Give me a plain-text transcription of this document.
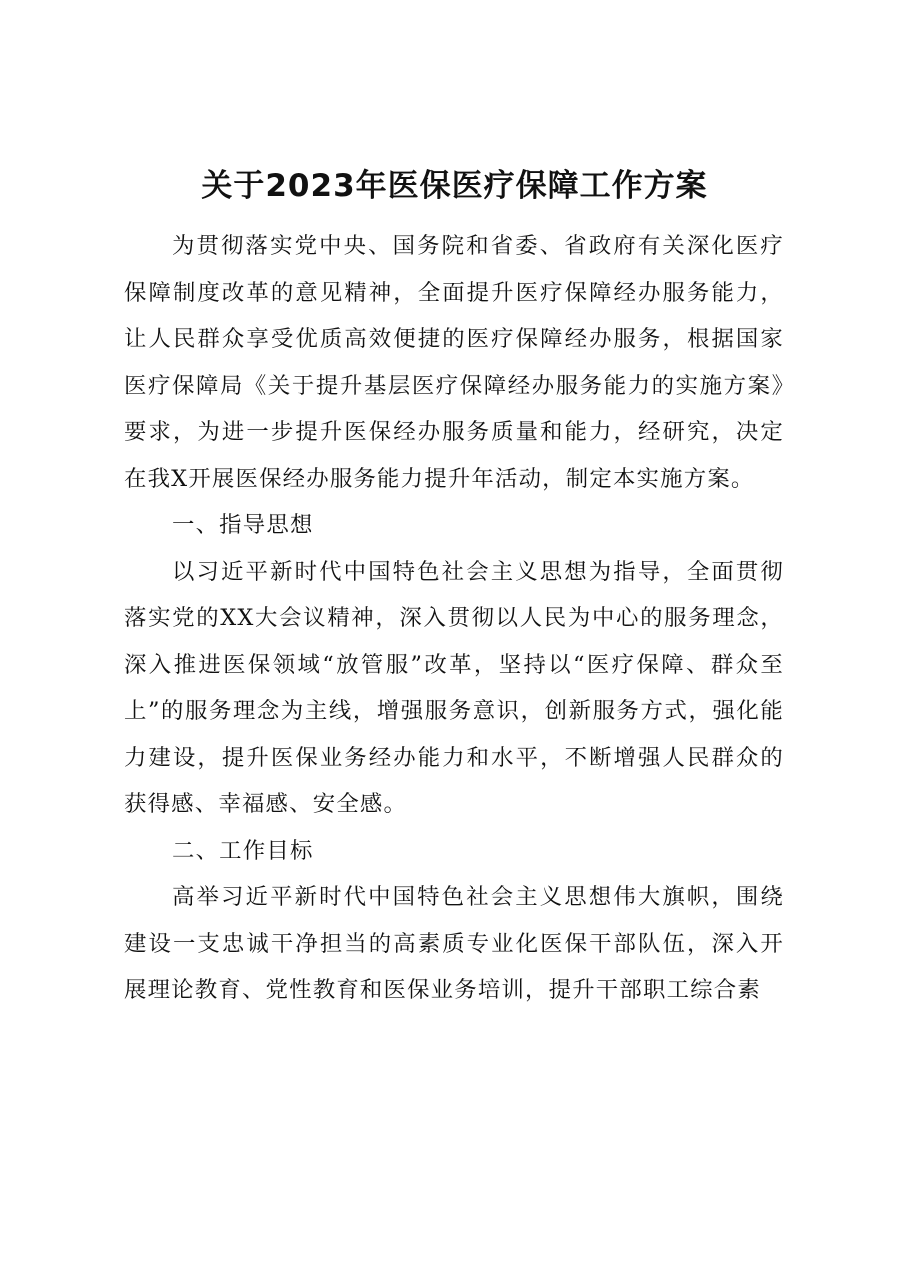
关于2023年医保医疗保障工作方案

为贯彻落实党中央、国务院和省委、省政府有关深化医疗保障制度改革的意见精神，全面提升医疗保障经办服务能力，让人民群众享受优质高效便捷的医疗保障经办服务，根据国家医疗保障局《关于提升基层医疗保障经办服务能力的实施方案》要求，为进一步提升医保经办服务质量和能力，经研究，决定在我X开展医保经办服务能力提升年活动，制定本实施方案。

一、指导思想

以习近平新时代中国特色社会主义思想为指导，全面贯彻落实党的XX大会议精神，深入贯彻以人民为中心的服务理念，深入推进医保领域“放管服”改革，坚持以“医疗保障、群众至上”的服务理念为主线，增强服务意识，创新服务方式，强化能力建设，提升医保业务经办能力和水平，不断增强人民群众的获得感、幸福感、安全感。

二、工作目标

高举习近平新时代中国特色社会主义思想伟大旗帜，围绕建设一支忠诚干净担当的高素质专业化医保干部队伍，深入开展理论教育、党性教育和医保业务培训，提升干部职工综合素
